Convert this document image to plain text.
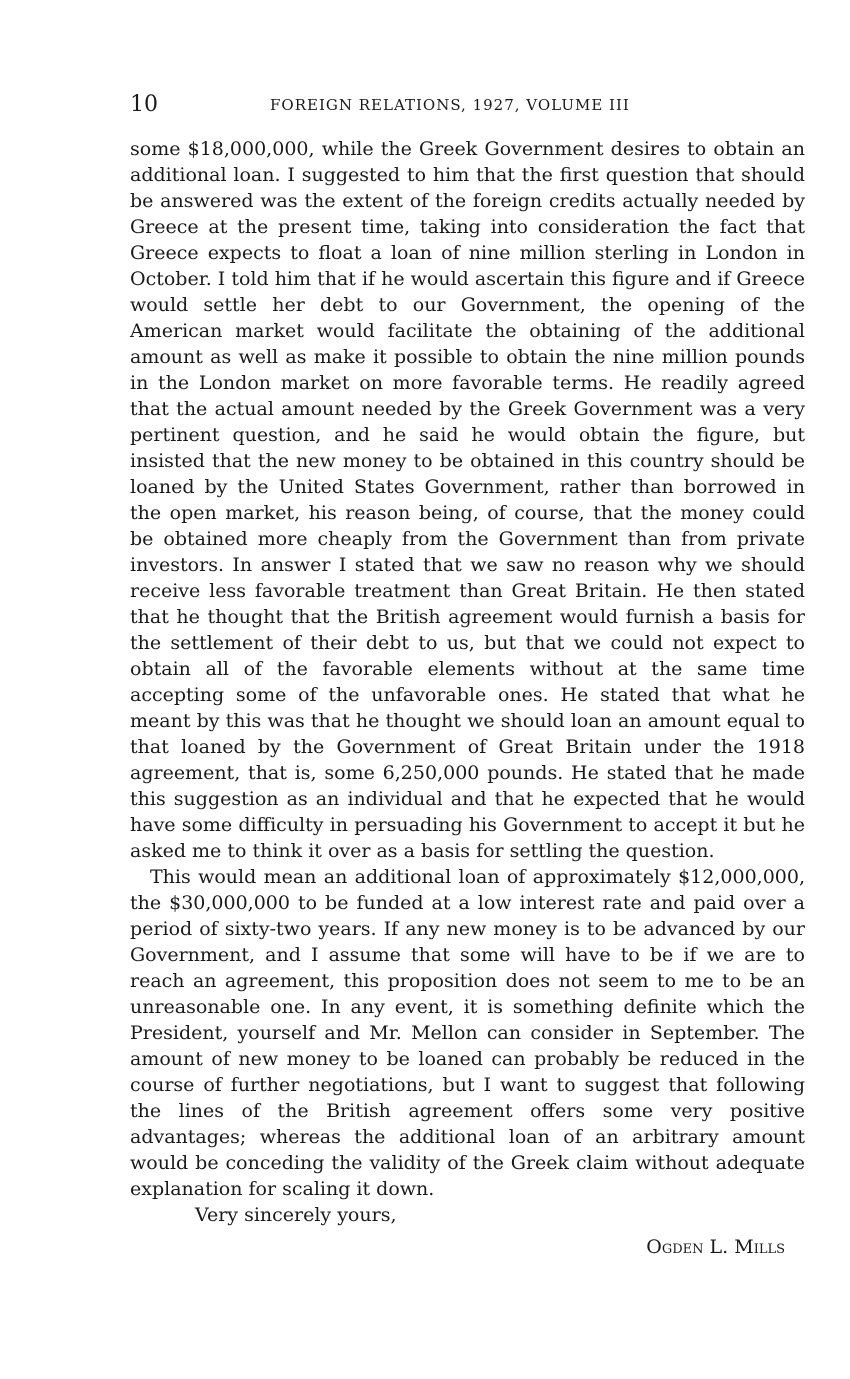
10	FOREIGN RELATIONS, 1927, VOLUME III

some $18,000,000, while the Greek Government desires to obtain an additional loan. I suggested to him that the first question that should be answered was the extent of the foreign credits actually needed by Greece at the present time, taking into consideration the fact that Greece expects to float a loan of nine million sterling in London in October. I told him that if he would ascertain this figure and if Greece would settle her debt to our Government, the opening of the American market would facilitate the obtaining of the additional amount as well as make it possible to obtain the nine million pounds in the London market on more favorable terms. He readily agreed that the actual amount needed by the Greek Government was a very pertinent question, and he said he would obtain the figure, but insisted that the new money to be obtained in this country should be loaned by the United States Government, rather than borrowed in the open market, his reason being, of course, that the money could be obtained more cheaply from the Government than from private investors. In answer I stated that we saw no reason why we should receive less favorable treatment than Great Britain. He then stated that he thought that the British agreement would furnish a basis for the settlement of their debt to us, but that we could not expect to obtain all of the favorable elements without at the same time accepting some of the unfavorable ones. He stated that what he meant by this was that he thought we should loan an amount equal to that loaned by the Government of Great Britain under the 1918 agreement, that is, some 6,250,000 pounds. He stated that he made this suggestion as an individual and that he expected that he would have some difficulty in persuading his Government to accept it but he asked me to think it over as a basis for settling the question.

This would mean an additional loan of approximately $12,000,000, the $30,000,000 to be funded at a low interest rate and paid over a period of sixty-two years. If any new money is to be advanced by our Government, and I assume that some will have to be if we are to reach an agreement, this proposition does not seem to me to be an unreasonable one. In any event, it is something definite which the President, yourself and Mr. Mellon can consider in September. The amount of new money to be loaned can probably be reduced in the course of further negotiations, but I want to suggest that following the lines of the British agreement offers some very positive advantages; whereas the additional loan of an arbitrary amount would be conceding the validity of the Greek claim without adequate explanation for scaling it down.

Very sincerely yours,

Ogden L. Mills
